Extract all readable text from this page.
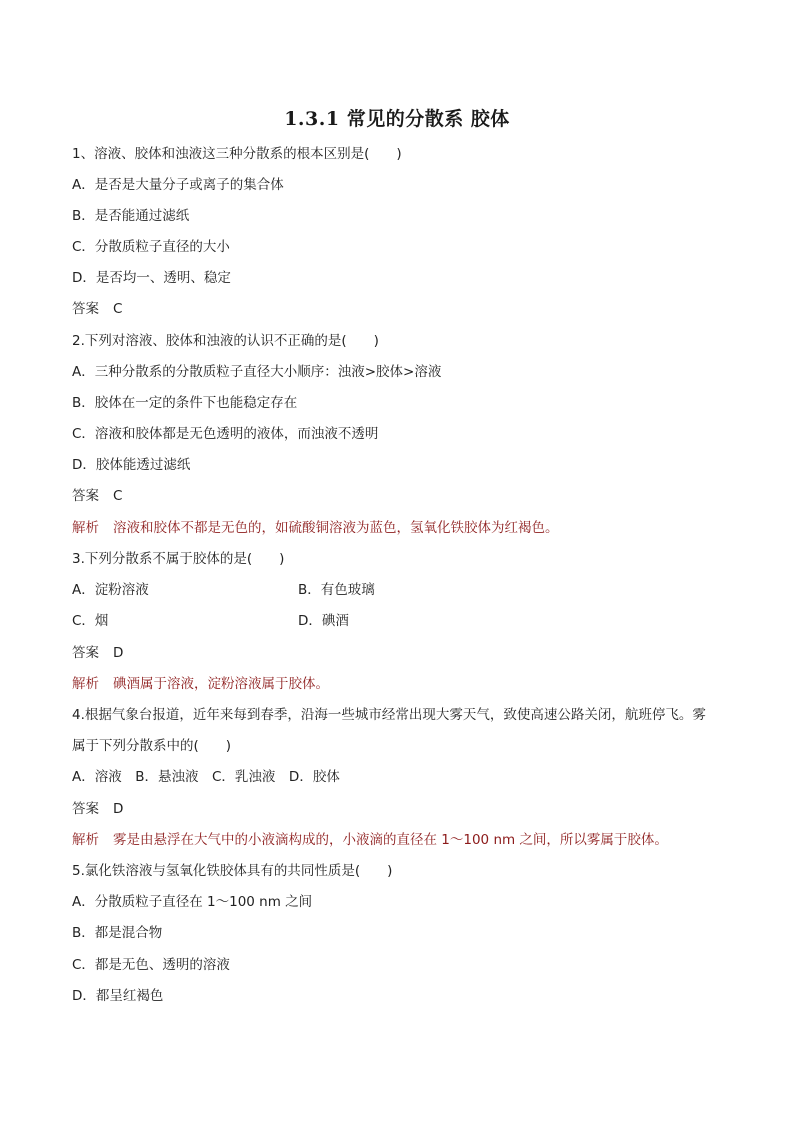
1.3.1 常见的分散系 胶体
1、溶液、胶体和浊液这三种分散系的根本区别是(　　)
A．是否是大量分子或离子的集合体
B．是否能通过滤纸
C．分散质粒子直径的大小
D．是否均一、透明、稳定
答案 C
2.下列对溶液、胶体和浊液的认识不正确的是(　　)
A．三种分散系的分散质粒子直径大小顺序：浊液>胶体>溶液
B．胶体在一定的条件下也能稳定存在
C．溶液和胶体都是无色透明的液体，而浊液不透明
D．胶体能透过滤纸
答案 C
解析 溶液和胶体不都是无色的，如硫酸铜溶液为蓝色，氢氧化铁胶体为红褐色。
3.下列分散系不属于胶体的是(　　)
A．淀粉溶液	B．有色玻璃
C．烟	D．碘酒
答案 D
解析 碘酒属于溶液，淀粉溶液属于胶体。
4.根据气象台报道，近年来每到春季，沿海一些城市经常出现大雾天气，致使高速公路关闭，航班停飞。雾
属于下列分散系中的(　　)
A．溶液　B．悬浊液　C．乳浊液　D．胶体
答案 D
解析 雾是由悬浮在大气中的小液滴构成的，小液滴的直径在 1～100 nm 之间，所以雾属于胶体。
5.氯化铁溶液与氢氧化铁胶体具有的共同性质是(　　)
A．分散质粒子直径在 1～100 nm 之间
B．都是混合物
C．都是无色、透明的溶液
D．都呈红褐色
